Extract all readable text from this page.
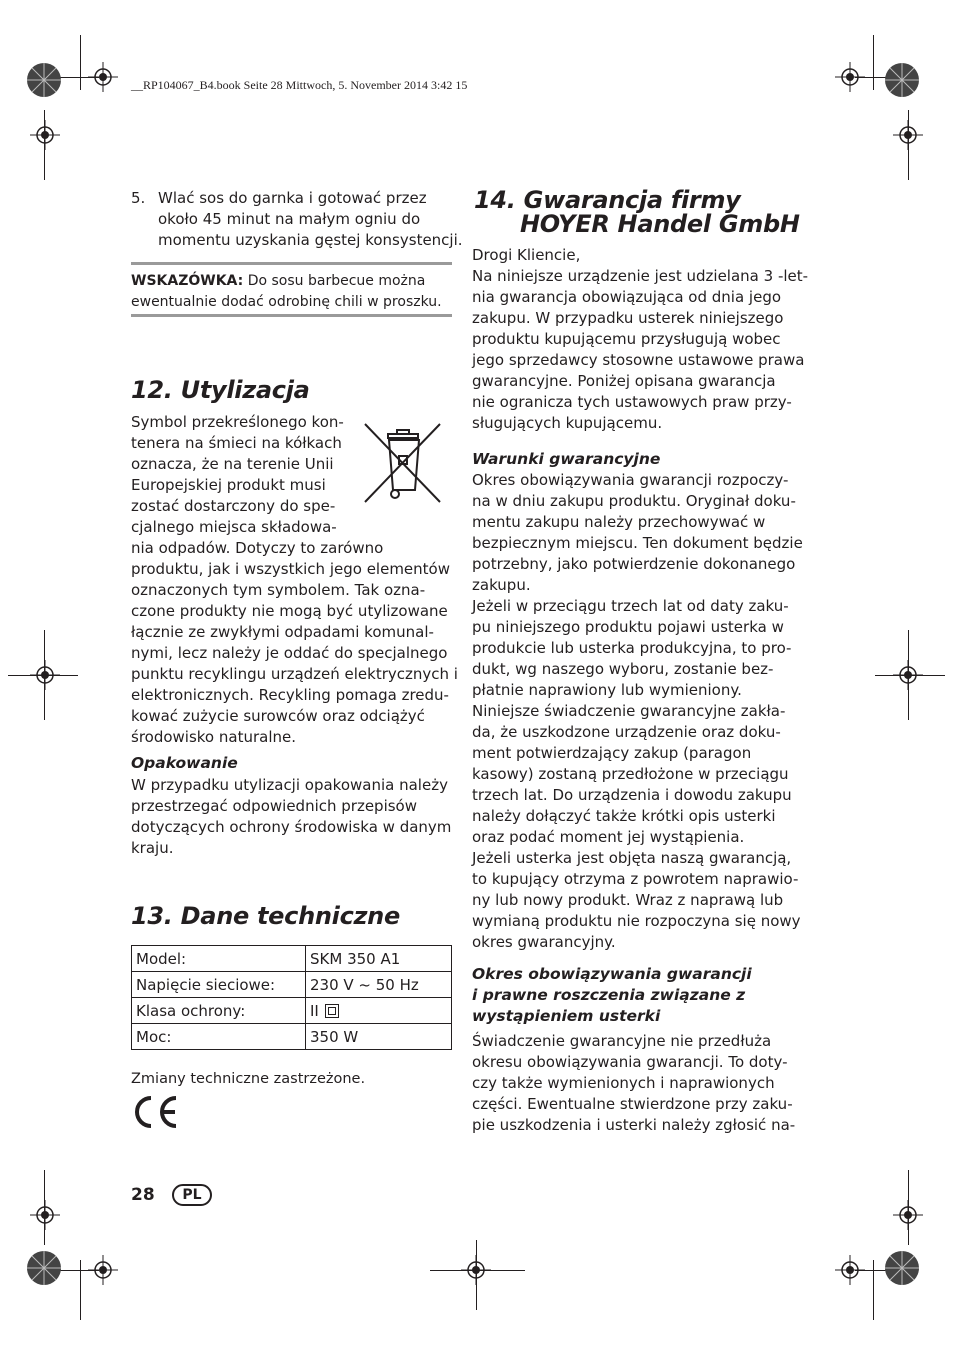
__RP104067_B4.book Seite 28 Mittwoch, 5. November 2014 3:42 15
5. Wlać sos do garnka i gotować przez
około 45 minut na małym ogniu do
momentu uzyskania gęstej konsystencji.
WSKAZÓWKA: Do sosu barbecue można
ewentualnie dodać odrobinę chili w proszku.
12. Utylizacja
Symbol przekreślonego kon-
tenera na śmieci na kółkach
oznacza, że na terenie Unii
Europejskiej produkt musi
zostać dostarczony do spe-
cjalnego miejsca składowa-
nia odpadów. Dotyczy to zarówno
produktu, jak i wszystkich jego elementów
oznaczonych tym symbolem. Tak ozna-
czone produkty nie mogą być utylizowane
łącznie ze zwykłymi odpadami komunal-
nymi, lecz należy je oddać do specjalnego
punktu recyklingu urządzeń elektrycznych i
elektronicznych. Recykling pomaga zredu-
kować zużycie surowców oraz odciążyć
środowisko naturalne.
Opakowanie
W przypadku utylizacji opakowania należy
przestrzegać odpowiednich przepisów
dotyczących ochrony środowiska w danym
kraju.
13. Dane techniczne
Model:	SKM 350 A1
Napięcie sieciowe:	230 V ~ 50 Hz
Klasa ochrony:	II
Moc:	350 W
Zmiany techniczne zastrzeżone.
14. Gwarancja firmy
HOYER Handel GmbH
Drogi Kliencie,
Na niniejsze urządzenie jest udzielana 3 -let-
nia gwarancja obowiązująca od dnia jego
zakupu. W przypadku usterek niniejszego
produktu kupującemu przysługują wobec
jego sprzedawcy stosowne ustawowe prawa
gwarancyjne. Poniżej opisana gwarancja
nie ogranicza tych ustawowych praw przy-
sługujących kupującemu.
Warunki gwarancyjne
Okres obowiązywania gwarancji rozpoczy-
na w dniu zakupu produktu. Oryginał doku-
mentu zakupu należy przechowywać w
bezpiecznym miejscu. Ten dokument będzie
potrzebny, jako potwierdzenie dokonanego
zakupu.
Jeżeli w przeciągu trzech lat od daty zaku-
pu niniejszego produktu pojawi usterka w
produkcie lub usterka produkcyjna, to pro-
dukt, wg naszego wyboru, zostanie bez-
płatnie naprawiony lub wymieniony.
Niniejsze świadczenie gwarancyjne zakła-
da, że uszkodzone urządzenie oraz doku-
ment potwierdzający zakup (paragon
kasowy) zostaną przedłożone w przeciągu
trzech lat. Do urządzenia i dowodu zakupu
należy dołączyć także krótki opis usterki
oraz podać moment jej wystąpienia.
Jeżeli usterka jest objęta naszą gwarancją,
to kupujący otrzyma z powrotem naprawio-
ny lub nowy produkt. Wraz z naprawą lub
wymianą produktu nie rozpoczyna się nowy
okres gwarancyjny.
Okres obowiązywania gwarancji
i prawne roszczenia związane z
wystąpieniem usterki
Świadczenie gwarancyjne nie przedłuża
okresu obowiązywania gwarancji. To doty-
czy także wymienionych i naprawionych
części. Ewentualne stwierdzone przy zaku-
pie uszkodzenia i usterki należy zgłosić na-
28	PL
